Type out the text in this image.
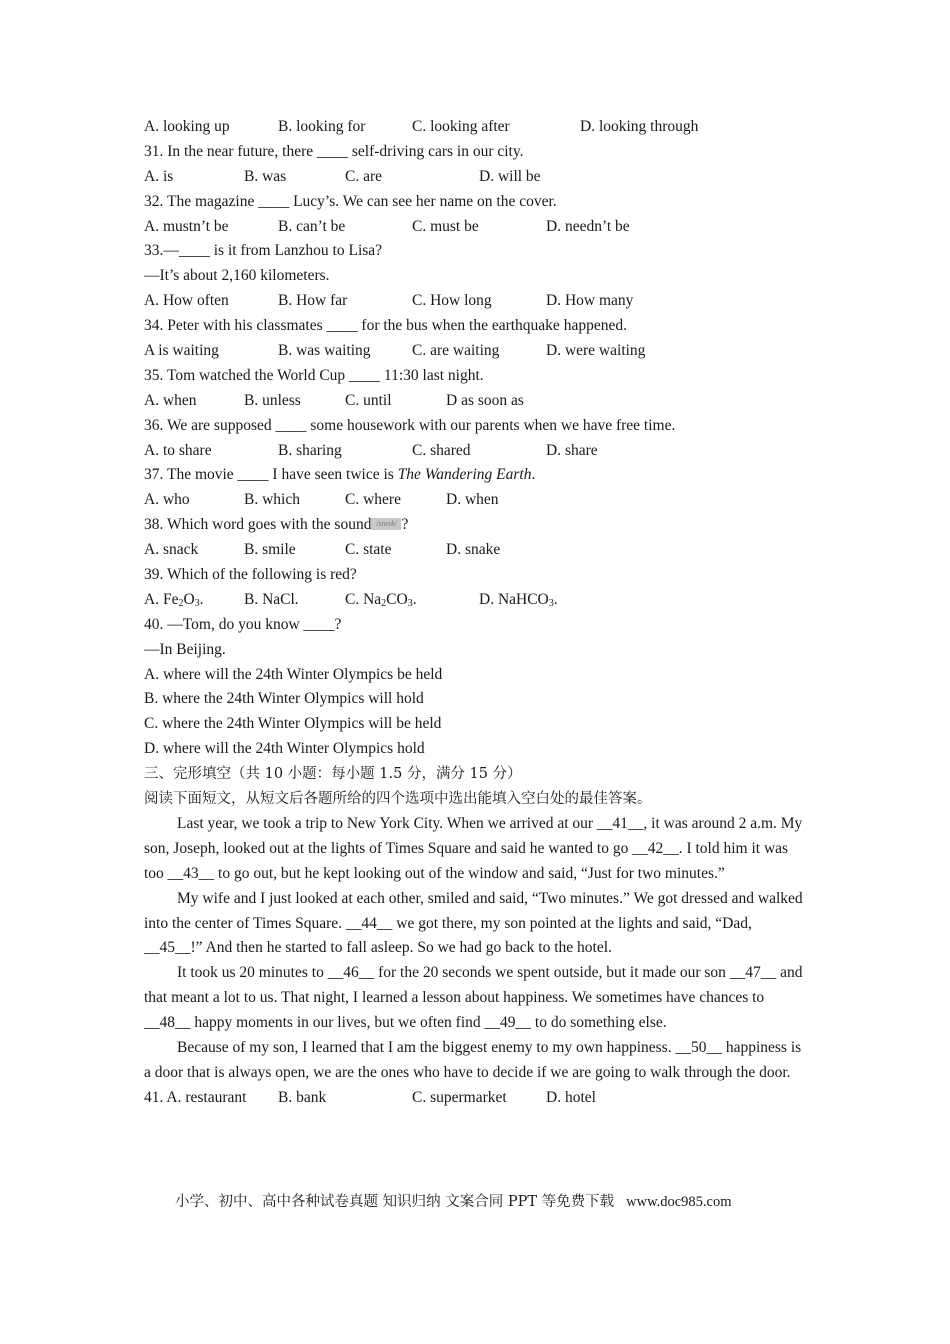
A. looking up	B. looking for	C. looking after	D. looking through
31. In the near future, there ____ self-driving cars in our city.
A. is	B. was	C. are	D. will be
32. The magazine ____ Lucy’s. We can see her name on the cover.
A. mustn’t be	B. can’t be	C. must be	D. needn’t be
33.—____ is it from Lanzhou to Lisa?
—It’s about 2,160 kilometers.
A. How often	B. How far	C. How long	D. How many
34. Peter with his classmates ____ for the bus when the earthquake happened.
A is waiting	B. was waiting	C. are waiting	D. were waiting
35. Tom watched the World Cup ____ 11:30 last night.
A. when	B. unless	C. until	D as soon as
36. We are supposed ____ some housework with our parents when we have free time.
A. to share	B. sharing	C. shared	D. share
37. The movie ____ I have seen twice is The Wandering Earth.
A. who	B. which	C. where	D. when
38. Which word goes with the sound /sneɪk/ ?
A. snack	B. smile	C. state	D. snake
39. Which of the following is red?
A. $Fe_2O_3$.	B. NaCl.	C. $Na_2CO_3$.	D. NaHCO$_3$.
40. —Tom, do you know ____?
—In Beijing.
A. where will the 24th Winter Olympics be held
B. where the 24th Winter Olympics will hold
C. where the 24th Winter Olympics will be held
D. where will the 24th Winter Olympics hold
三、完形填空（共 10 小题：每小题 1.5 分，满分 15 分）
阅读下面短文，从短文后各题所给的四个选项中选出能填入空白处的最佳答案。
Last year, we took a trip to New York City. When we arrived at our __41__, it was around 2 a.m. My son, Joseph, looked out at the lights of Times Square and said he wanted to go __42__. I told him it was too __43__ to go out, but he kept looking out of the window and said, “Just for two minutes.”
My wife and I just looked at each other, smiled and said, “Two minutes.” We got dressed and walked into the center of Times Square. __44__ we got there, my son pointed at the lights and said, “Dad, __45__!” And then he started to fall asleep. So we had go back to the hotel.
It took us 20 minutes to __46__ for the 20 seconds we spent outside, but it made our son __47__ and that meant a lot to us. That night, I learned a lesson about happiness. We sometimes have chances to __48__ happy moments in our lives, but we often find __49__ to do something else.
Because of my son, I learned that I am the biggest enemy to my own happiness. __50__ happiness is a door that is always open, we are the ones who have to decide if we are going to walk through the door.
41. A. restaurant B. bank	C. supermarket	D. hotel
小学、初中、高中各种试卷真题 知识归纳 文案合同 PPT 等免费下载 www.doc985.com
